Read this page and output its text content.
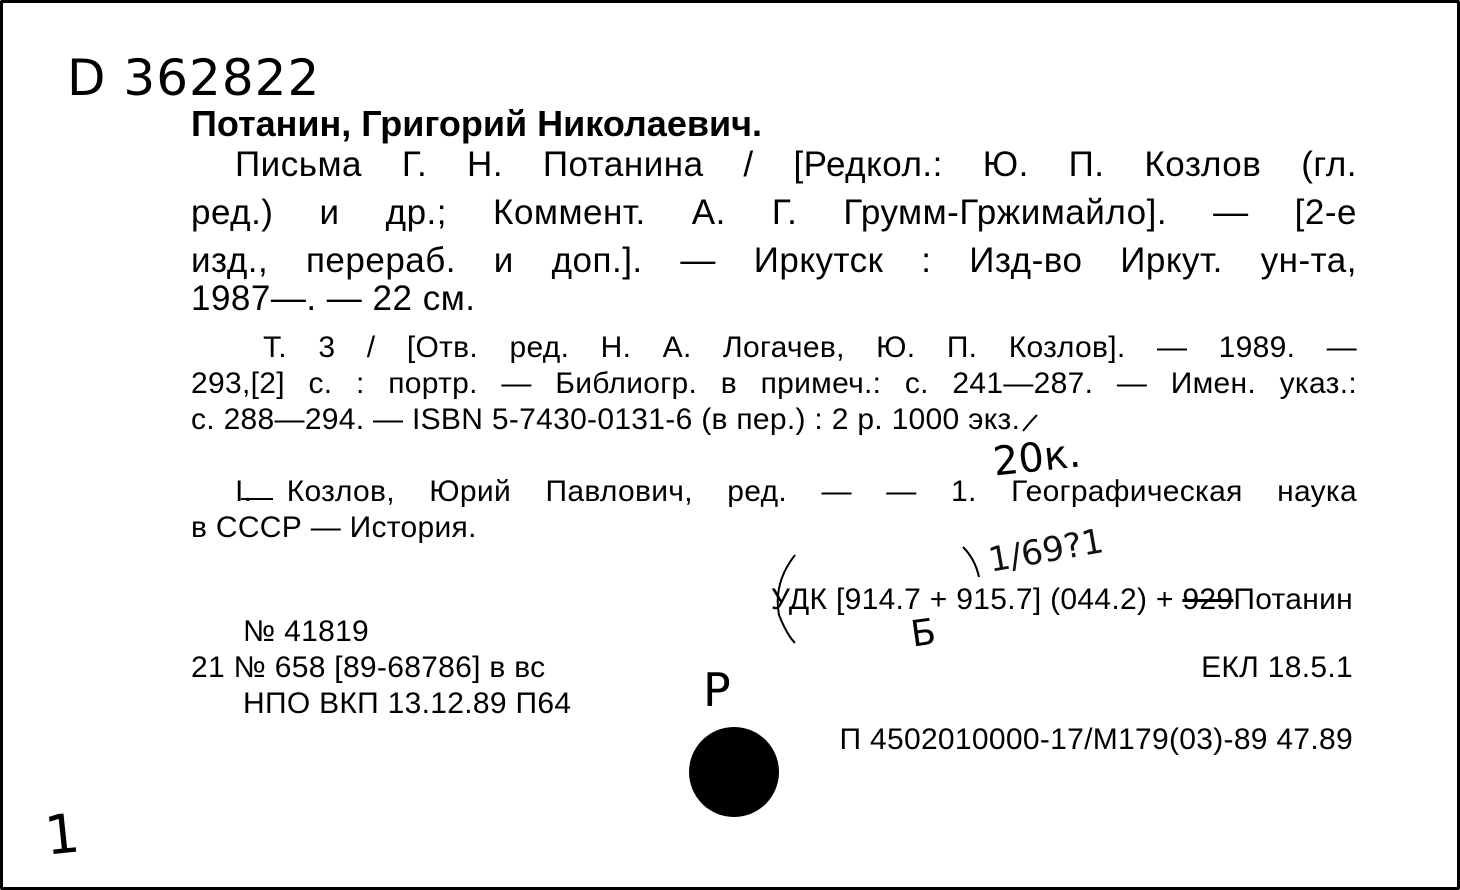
D 362822
Потанин, Григорий Николаевич.
Письма Г. Н. Потанина / [Редкол.: Ю. П. Козлов (гл.
ред.) и др.; Коммент. А. Г. Грумм-Гржимайло]. — [2-е
изд., перераб. и доп.]. — Иркутск : Изд-во Иркут. ун-та,
1987—. — 22 см.
Т. 3 / [Отв. ред. Н. А. Логачев, Ю. П. Козлов]. — 1989. —
293,[2] с. : портр. — Библиогр. в примеч.: с. 241—287. — Имен. указ.:
с. 288—294. — ISBN 5-7430-0131-6 (в пер.) : 2 р. 1000 экз.
20к.
I. Козлов, Юрий Павлович, ред. — — 1. Географическая наука
в СССР — История.
УДК [914.7 + 915.7] (044.2) + 929Потанин
1/69?1
№ 41819
21 № 658 [89-68786] в вс
НПО ВКП 13.12.89 П64
ЕКЛ 18.5.1
Б
Р
П 4502010000-17/М179(03)-89 47.89
1
